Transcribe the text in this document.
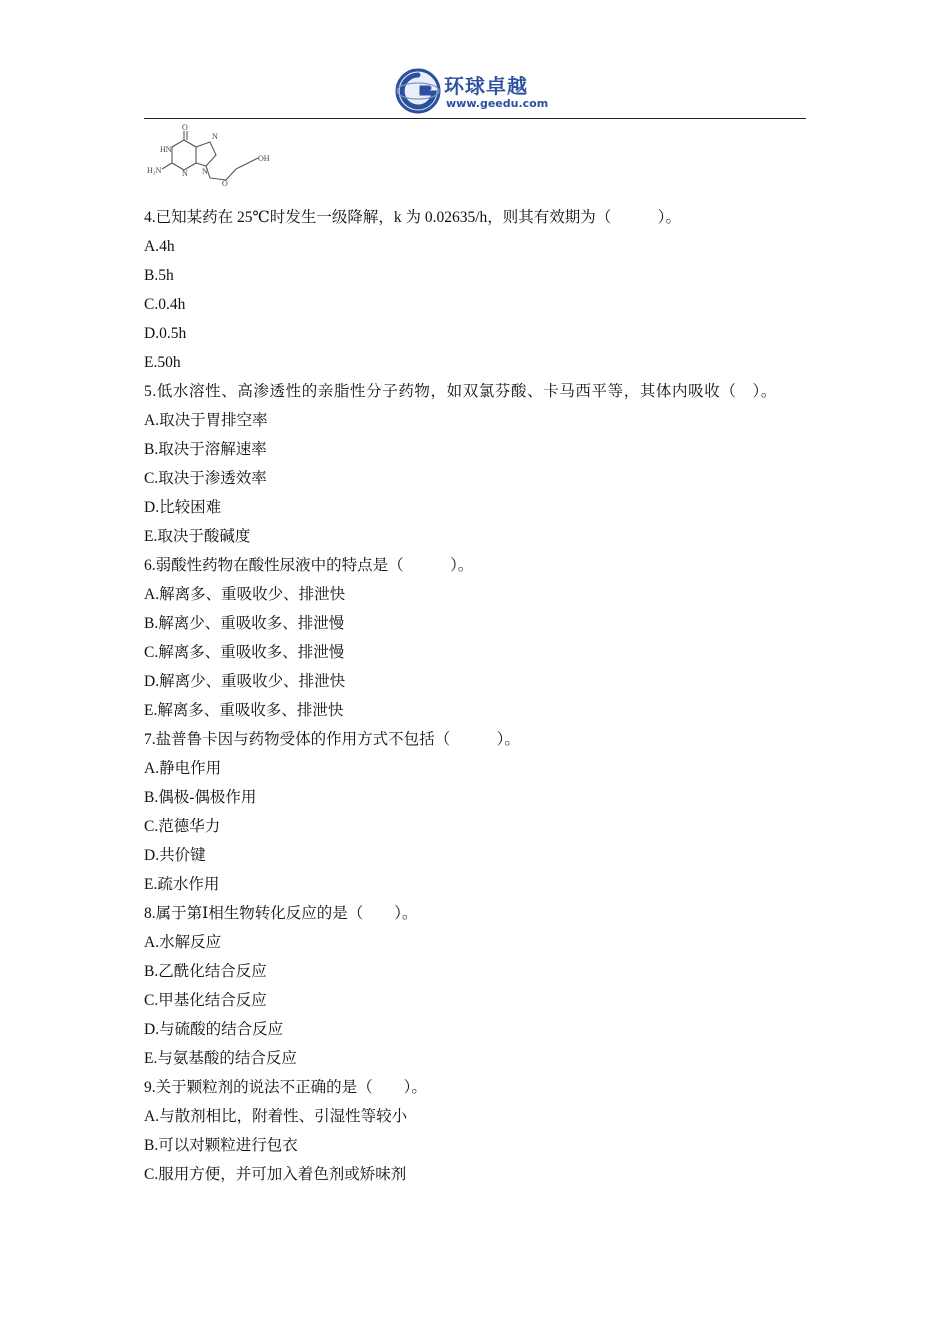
环球卓越
www.geedu.com
O
HN
H₂N	N
N
N
O
OH
4.已知某药在 25℃时发生一级降解，k 为 0.02635/h，则其有效期为（　　　）。
A.4h
B.5h
C.0.4h
D.0.5h
E.50h
5.低水溶性、高渗透性的亲脂性分子药物，如双氯芬酸、卡马西平等，其体内吸收（　）。
A.取决于胃排空率
B.取决于溶解速率
C.取决于渗透效率
D.比较困难
E.取决于酸碱度
6.弱酸性药物在酸性尿液中的特点是（　　　）。
A.解离多、重吸收少、排泄快
B.解离少、重吸收多、排泄慢
C.解离多、重吸收多、排泄慢
D.解离少、重吸收少、排泄快
E.解离多、重吸收多、排泄快
7.盐普鲁卡因与药物受体的作用方式不包括（　　　）。
A.静电作用
B.偶极-偶极作用
C.范德华力
D.共价键
E.疏水作用
8.属于第Ⅰ相生物转化反应的是（　　）。
A.水解反应
B.乙酰化结合反应
C.甲基化结合反应
D.与硫酸的结合反应
E.与氨基酸的结合反应
9.关于颗粒剂的说法不正确的是（　　）。
A.与散剂相比，附着性、引湿性等较小
B.可以对颗粒进行包衣
C.服用方便，并可加入着色剂或矫味剂
